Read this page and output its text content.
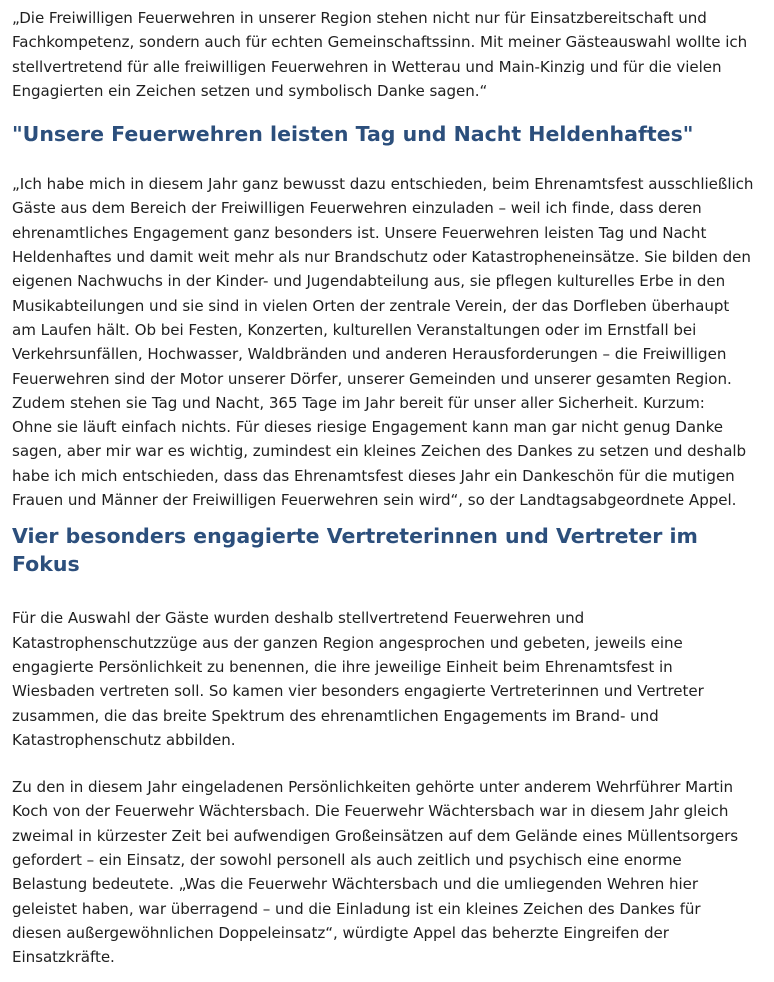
„Die Freiwilligen Feuerwehren in unserer Region stehen nicht nur für Einsatzbereitschaft und
Fachkompetenz, sondern auch für echten Gemeinschaftssinn. Mit meiner Gästeauswahl wollte ich
stellvertretend für alle freiwilligen Feuerwehren in Wetterau und Main-Kinzig und für die vielen
Engagierten ein Zeichen setzen und symbolisch Danke sagen.“

"Unsere Feuerwehren leisten Tag und Nacht Heldenhaftes"

„Ich habe mich in diesem Jahr ganz bewusst dazu entschieden, beim Ehrenamtsfest ausschließlich
Gäste aus dem Bereich der Freiwilligen Feuerwehren einzuladen – weil ich finde, dass deren
ehrenamtliches Engagement ganz besonders ist. Unsere Feuerwehren leisten Tag und Nacht
Heldenhaftes und damit weit mehr als nur Brandschutz oder Katastropheneinsätze. Sie bilden den
eigenen Nachwuchs in der Kinder- und Jugendabteilung aus, sie pflegen kulturelles Erbe in den
Musikabteilungen und sie sind in vielen Orten der zentrale Verein, der das Dorfleben überhaupt
am Laufen hält. Ob bei Festen, Konzerten, kulturellen Veranstaltungen oder im Ernstfall bei
Verkehrsunfällen, Hochwasser, Waldbränden und anderen Herausforderungen – die Freiwilligen
Feuerwehren sind der Motor unserer Dörfer, unserer Gemeinden und unserer gesamten Region.
Zudem stehen sie Tag und Nacht, 365 Tage im Jahr bereit für unser aller Sicherheit. Kurzum:
Ohne sie läuft einfach nichts. Für dieses riesige Engagement kann man gar nicht genug Danke
sagen, aber mir war es wichtig, zumindest ein kleines Zeichen des Dankes zu setzen und deshalb
habe ich mich entschieden, dass das Ehrenamtsfest dieses Jahr ein Dankeschön für die mutigen
Frauen und Männer der Freiwilligen Feuerwehren sein wird“, so der Landtagsabgeordnete Appel.

Vier besonders engagierte Vertreterinnen und Vertreter im Fokus

Für die Auswahl der Gäste wurden deshalb stellvertretend Feuerwehren und
Katastrophenschutzzüge aus der ganzen Region angesprochen und gebeten, jeweils eine
engagierte Persönlichkeit zu benennen, die ihre jeweilige Einheit beim Ehrenamtsfest in
Wiesbaden vertreten soll. So kamen vier besonders engagierte Vertreterinnen und Vertreter
zusammen, die das breite Spektrum des ehrenamtlichen Engagements im Brand- und
Katastrophenschutz abbilden.

Zu den in diesem Jahr eingeladenen Persönlichkeiten gehörte unter anderem Wehrführer Martin
Koch von der Feuerwehr Wächtersbach. Die Feuerwehr Wächtersbach war in diesem Jahr gleich
zweimal in kürzester Zeit bei aufwendigen Großeinsätzen auf dem Gelände eines Müllentsorgers
gefordert – ein Einsatz, der sowohl personell als auch zeitlich und psychisch eine enorme
Belastung bedeutete. „Was die Feuerwehr Wächtersbach und die umliegenden Wehren hier
geleistet haben, war überragend – und die Einladung ist ein kleines Zeichen des Dankes für
diesen außergewöhnlichen Doppeleinsatz“, würdigte Appel das beherzte Eingreifen der
Einsatzkräfte.
